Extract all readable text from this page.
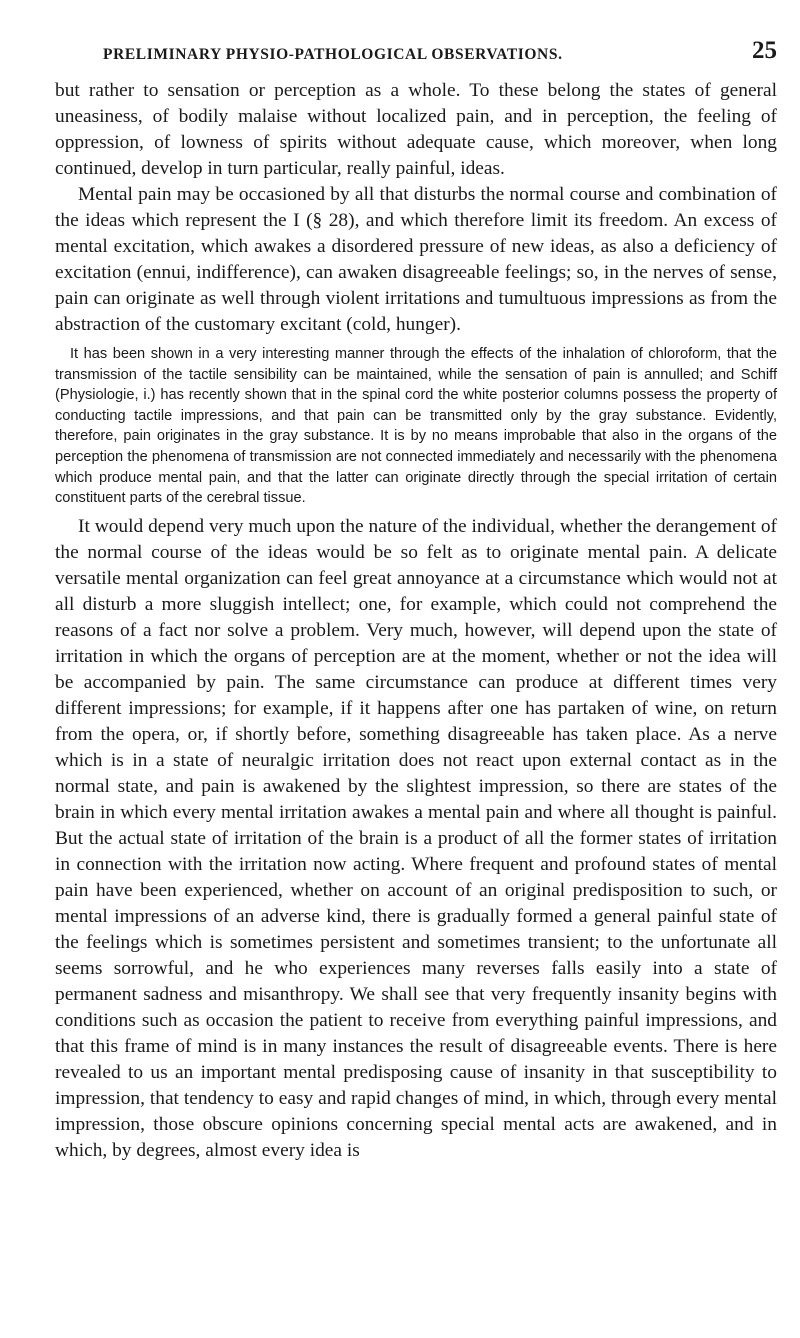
PRELIMINARY PHYSIO-PATHOLOGICAL OBSERVATIONS.	25

but rather to sensation or perception as a whole. To these belong the states of general uneasiness, of bodily malaise without localized pain, and in perception, the feeling of oppression, of lowness of spirits without adequate cause, which moreover, when long continued, develop in turn particular, really painful, ideas.

Mental pain may be occasioned by all that disturbs the normal course and combination of the ideas which represent the I (§ 28), and which therefore limit its freedom. An excess of mental excitation, which awakes a disordered pressure of new ideas, as also a deficiency of excitation (ennui, indifference), can awaken disagreeable feelings; so, in the nerves of sense, pain can originate as well through violent irritations and tumultuous impressions as from the abstraction of the customary excitant (cold, hunger).

It has been shown in a very interesting manner through the effects of the inhalation of chloroform, that the transmission of the tactile sensibility can be maintained, while the sensation of pain is annulled; and Schiff (Physiologie, i.) has recently shown that in the spinal cord the white posterior columns possess the property of conducting tactile impressions, and that pain can be transmitted only by the gray substance. Evidently, therefore, pain originates in the gray substance. It is by no means improbable that also in the organs of the perception the phenomena of transmission are not connected immediately and necessarily with the phenomena which produce mental pain, and that the latter can originate directly through the special irritation of certain constituent parts of the cerebral tissue.

It would depend very much upon the nature of the individual, whether the derangement of the normal course of the ideas would be so felt as to originate mental pain. A delicate versatile mental organization can feel great annoyance at a circumstance which would not at all disturb a more sluggish intellect; one, for example, which could not comprehend the reasons of a fact nor solve a problem. Very much, however, will depend upon the state of irritation in which the organs of perception are at the moment, whether or not the idea will be accompanied by pain. The same circumstance can produce at different times very different impressions; for example, if it happens after one has partaken of wine, on return from the opera, or, if shortly before, something disagreeable has taken place. As a nerve which is in a state of neuralgic irritation does not react upon external contact as in the normal state, and pain is awakened by the slightest impression, so there are states of the brain in which every mental irritation awakes a mental pain and where all thought is painful. But the actual state of irritation of the brain is a product of all the former states of irritation in connection with the irritation now acting. Where frequent and profound states of mental pain have been experienced, whether on account of an original predisposition to such, or mental impressions of an adverse kind, there is gradually formed a general painful state of the feelings which is sometimes persistent and sometimes transient; to the unfortunate all seems sorrowful, and he who experiences many reverses falls easily into a state of permanent sadness and misanthropy. We shall see that very frequently insanity begins with conditions such as occasion the patient to receive from everything painful impressions, and that this frame of mind is in many instances the result of disagreeable events. There is here revealed to us an important mental predisposing cause of insanity in that susceptibility to impression, that tendency to easy and rapid changes of mind, in which, through every mental impression, those obscure opinions concerning special mental acts are awakened, and in which, by degrees, almost every idea is
